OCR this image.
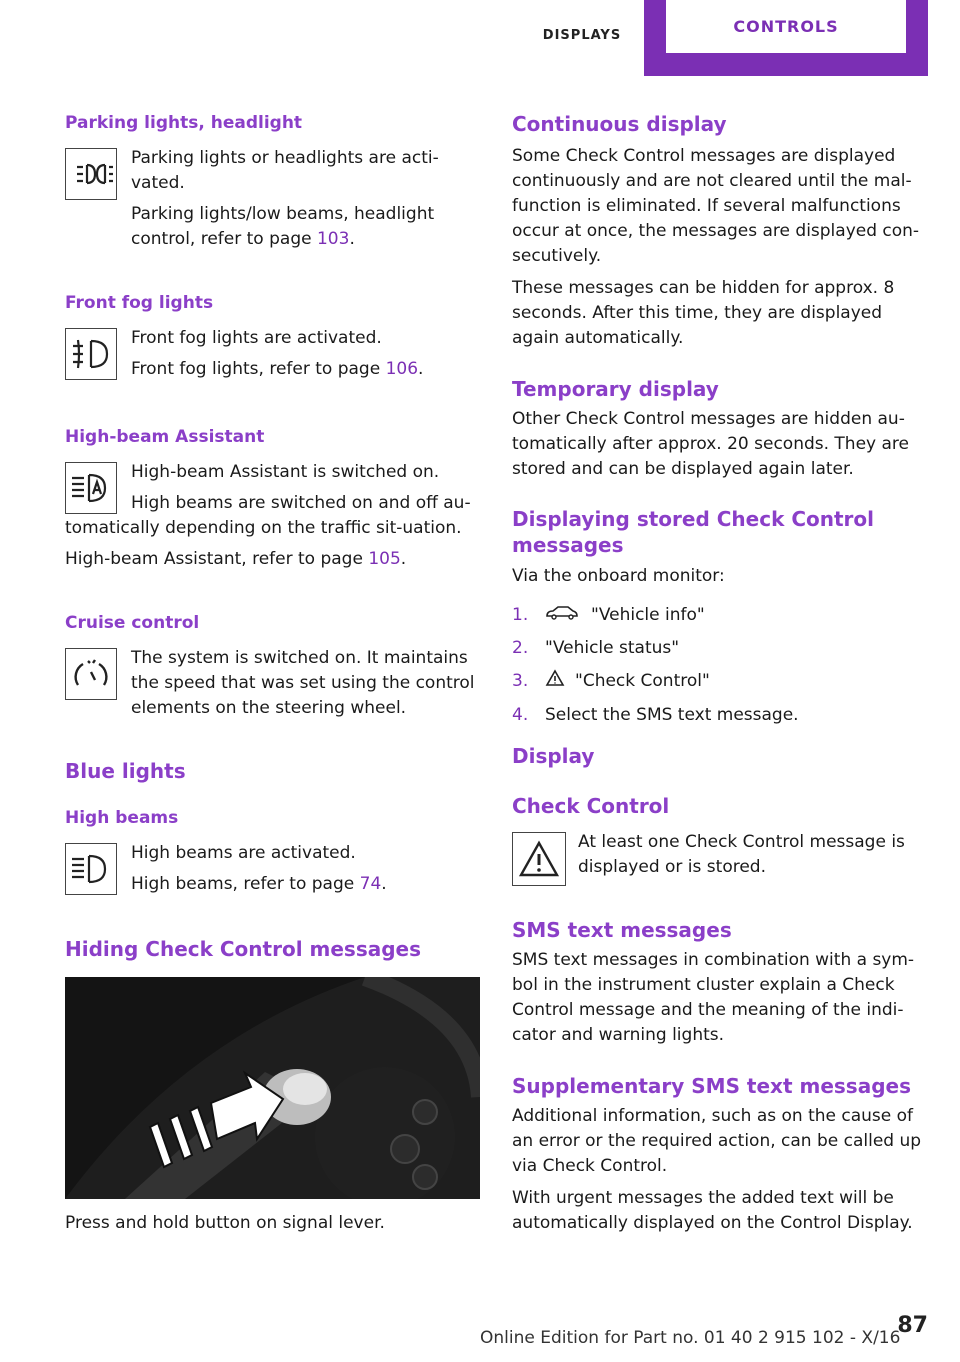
DISPLAYS	CONTROLS
Parking lights, headlight

Parking lights or headlights are acti‐vated.

Parking lights/low beams, headlight control, refer to page 103.

Front fog lights

Front fog lights are activated.

Front fog lights, refer to page 106.

High-beam Assistant

High-beam Assistant is switched on.

High beams are switched on and off au‐tomatically depending on the traffic sit‐uation.

High-beam Assistant, refer to page 105.

Cruise control

The system is switched on. It maintains the speed that was set using the control elements on the steering wheel.

Blue lights
High beams

High beams are activated.

High beams, refer to page 74.

Hiding Check Control messages

Press and hold button on signal lever.

Continuous display

Some Check Control messages are displayed continuously and are not cleared until the mal‐function is eliminated. If several malfunctions occur at once, the messages are displayed con‐secutively.

These messages can be hidden for approx. 8 seconds. After this time, they are displayed again automatically.

Temporary display

Other Check Control messages are hidden au‐tomatically after approx. 20 seconds. They are stored and can be displayed again later.

Displaying stored Check Control messages

Via the onboard monitor:

1.	"Vehicle info"
2. "Vehicle status"
3.	"Check Control"
4. Select the SMS text message.
Display
Check Control

At least one Check Control message is displayed or is stored.

SMS text messages

SMS text messages in combination with a sym‐bol in the instrument cluster explain a Check Control message and the meaning of the indi‐cator and warning lights.

Supplementary SMS text messages

Additional information, such as on the cause of an error or the required action, can be called up via Check Control.

With urgent messages the added text will be automatically displayed on the Control Display.

Online Edition for Part no. 01 40 2 915 102 - X/16
87
